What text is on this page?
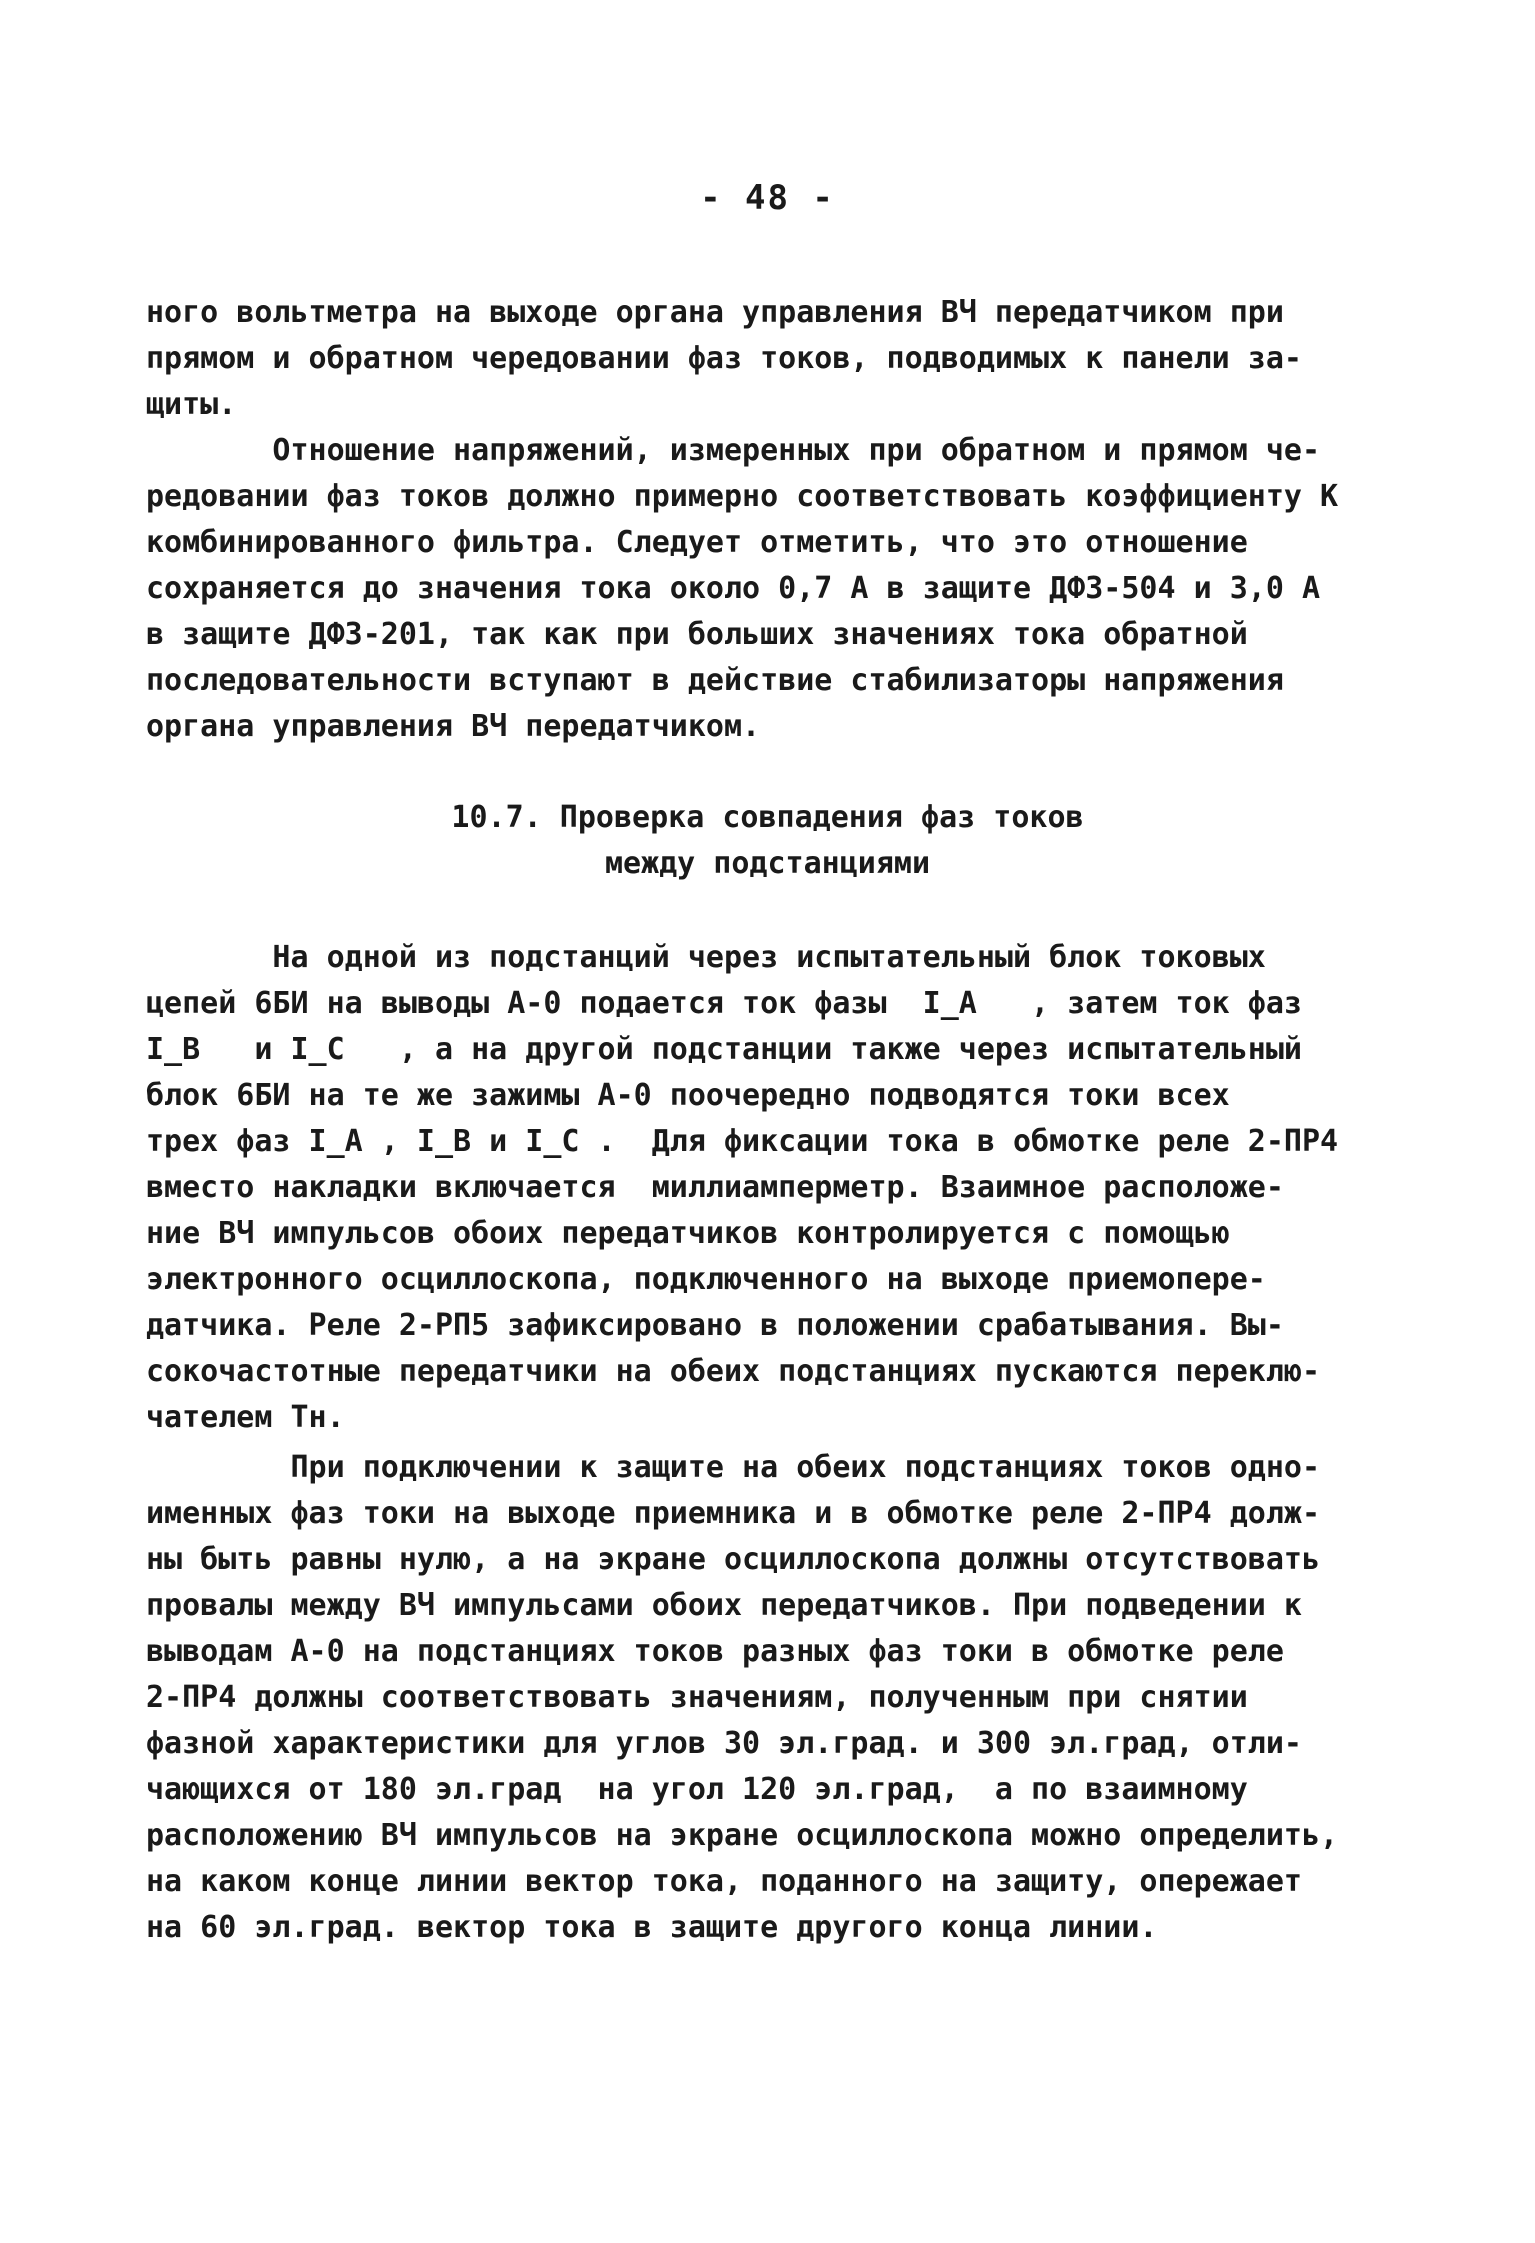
- 48 -
ного вольтметра на выходе органа управления ВЧ передатчиком при
прямом и обратном чередовании фаз токов, подводимых к панели за-
щиты.
Отношение напряжений, измеренных при обратном и прямом че-
редовании фаз токов должно примерно соответствовать коэффициенту К
комбинированного фильтра. Следует отметить, что это отношение
сохраняется до значения тока около 0,7 А в защите ДФЗ-504 и 3,0 А
в защите ДФЗ-201, так как при больших значениях тока обратной
последовательности вступают в действие стабилизаторы напряжения
органа управления ВЧ передатчиком.
10.7. Проверка совпадения фаз токов
между подстанциями
На одной из подстанций через испытательный блок токовых
цепей 6БИ на выводы А-0 подается ток фазы  I_A   , затем ток фаз
I_B   и I_C   , а на другой подстанции также через испытательный
блок 6БИ на те же зажимы А-0 поочередно подводятся токи всех
трех фаз I_A , I_B и I_C .  Для фиксации тока в обмотке реле 2-ПР4
вместо накладки включается  миллиамперметр. Взаимное расположе-
ние ВЧ импульсов обоих передатчиков контролируется с помощью
электронного осциллоскопа, подключенного на выходе приемопере-
датчика. Реле 2-РП5 зафиксировано в положении срабатывания. Вы-
сокочастотные передатчики на обеих подстанциях пускаются переклю-
чателем Тн.
При подключении к защите на обеих подстанциях токов одно-
именных фаз токи на выходе приемника и в обмотке реле 2-ПР4 долж-
ны быть равны нулю, а на экране осциллоскопа должны отсутствовать
провалы между ВЧ импульсами обоих передатчиков. При подведении к
выводам А-0 на подстанциях токов разных фаз токи в обмотке реле
2-ПР4 должны соответствовать значениям, полученным при снятии
фазной характеристики для углов 30 эл.град. и 300 эл.град, отли-
чающихся от 180 эл.град  на угол 120 эл.град,  а по взаимному
расположению ВЧ импульсов на экране осциллоскопа можно определить,
на каком конце линии вектор тока, поданного на защиту, опережает
на 60 эл.град. вектор тока в защите другого конца линии.
